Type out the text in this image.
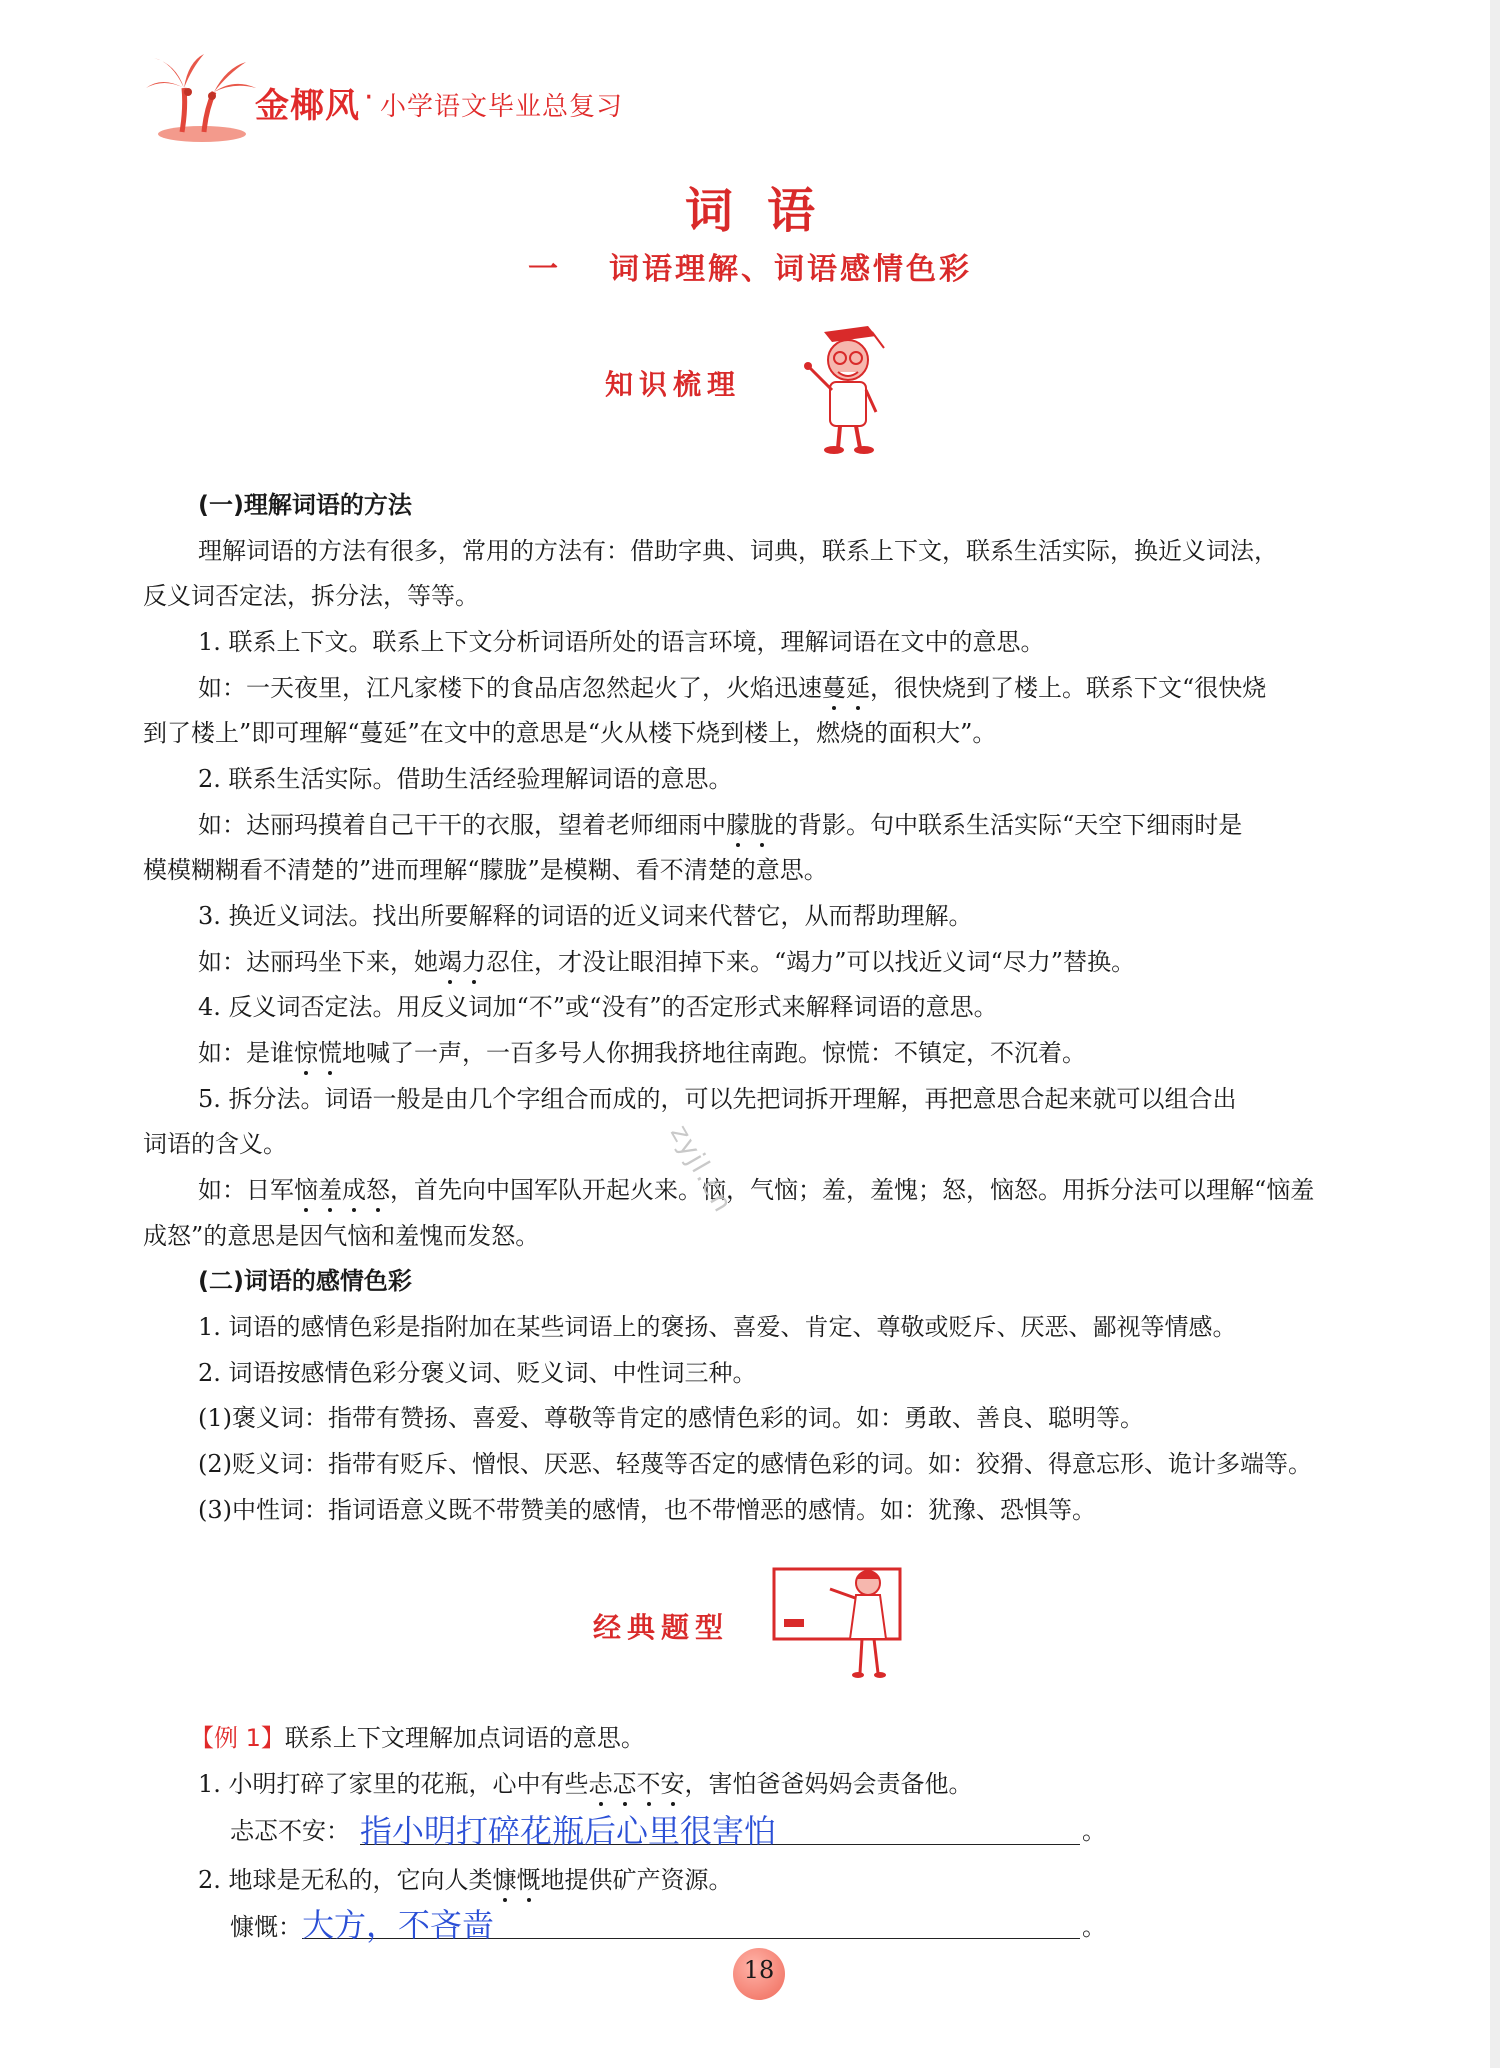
金椰风 · 小学语文毕业总复习
词语
一 词语理解、词语感情色彩
知识梳理
(一)理解词语的方法
理解词语的方法有很多，常用的方法有：借助字典、词典，联系上下文，联系生活实际，换近义词法，
反义词否定法，拆分法，等等。
1. 联系上下文。联系上下文分析词语所处的语言环境，理解词语在文中的意思。
如：一天夜里，江凡家楼下的食品店忽然起火了，火焰迅速蔓延，很快烧到了楼上。联系下文“很快烧
到了楼上”即可理解“蔓延”在文中的意思是“火从楼下烧到楼上，燃烧的面积大”。
2. 联系生活实际。借助生活经验理解词语的意思。
如：达丽玛摸着自己干干的衣服，望着老师细雨中朦胧的背影。句中联系生活实际“天空下细雨时是
模模糊糊看不清楚的”进而理解“朦胧”是模糊、看不清楚的意思。
3. 换近义词法。找出所要解释的词语的近义词来代替它，从而帮助理解。
如：达丽玛坐下来，她竭力忍住，才没让眼泪掉下来。“竭力”可以找近义词“尽力”替换。
4. 反义词否定法。用反义词加“不”或“没有”的否定形式来解释词语的意思。
如：是谁惊慌地喊了一声，一百多号人你拥我挤地往南跑。惊慌：不镇定，不沉着。
5. 拆分法。词语一般是由几个字组合而成的，可以先把词拆开理解，再把意思合起来就可以组合出
词语的含义。
如：日军恼羞成怒，首先向中国军队开起火来。恼，气恼；羞，羞愧；怒，恼怒。用拆分法可以理解“恼羞
成怒”的意思是因气恼和羞愧而发怒。
zyjl.cn
(二)词语的感情色彩
1. 词语的感情色彩是指附加在某些词语上的褒扬、喜爱、肯定、尊敬或贬斥、厌恶、鄙视等情感。
2. 词语按感情色彩分褒义词、贬义词、中性词三种。
(1)褒义词：指带有赞扬、喜爱、尊敬等肯定的感情色彩的词。如：勇敢、善良、聪明等。
(2)贬义词：指带有贬斥、憎恨、厌恶、轻蔑等否定的感情色彩的词。如：狡猾、得意忘形、诡计多端等。
(3)中性词：指词语意义既不带赞美的感情，也不带憎恶的感情。如：犹豫、恐惧等。
经典题型
【例 1】联系上下文理解加点词语的意思。
1. 小明打碎了家里的花瓶，心中有些忐忑不安，害怕爸爸妈妈会责备他。
忐忑不安： 指小明打碎花瓶后心里很害怕	。
2. 地球是无私的，它向人类慷慨地提供矿产资源。
慷慨： 大方，不吝啬	。
18
